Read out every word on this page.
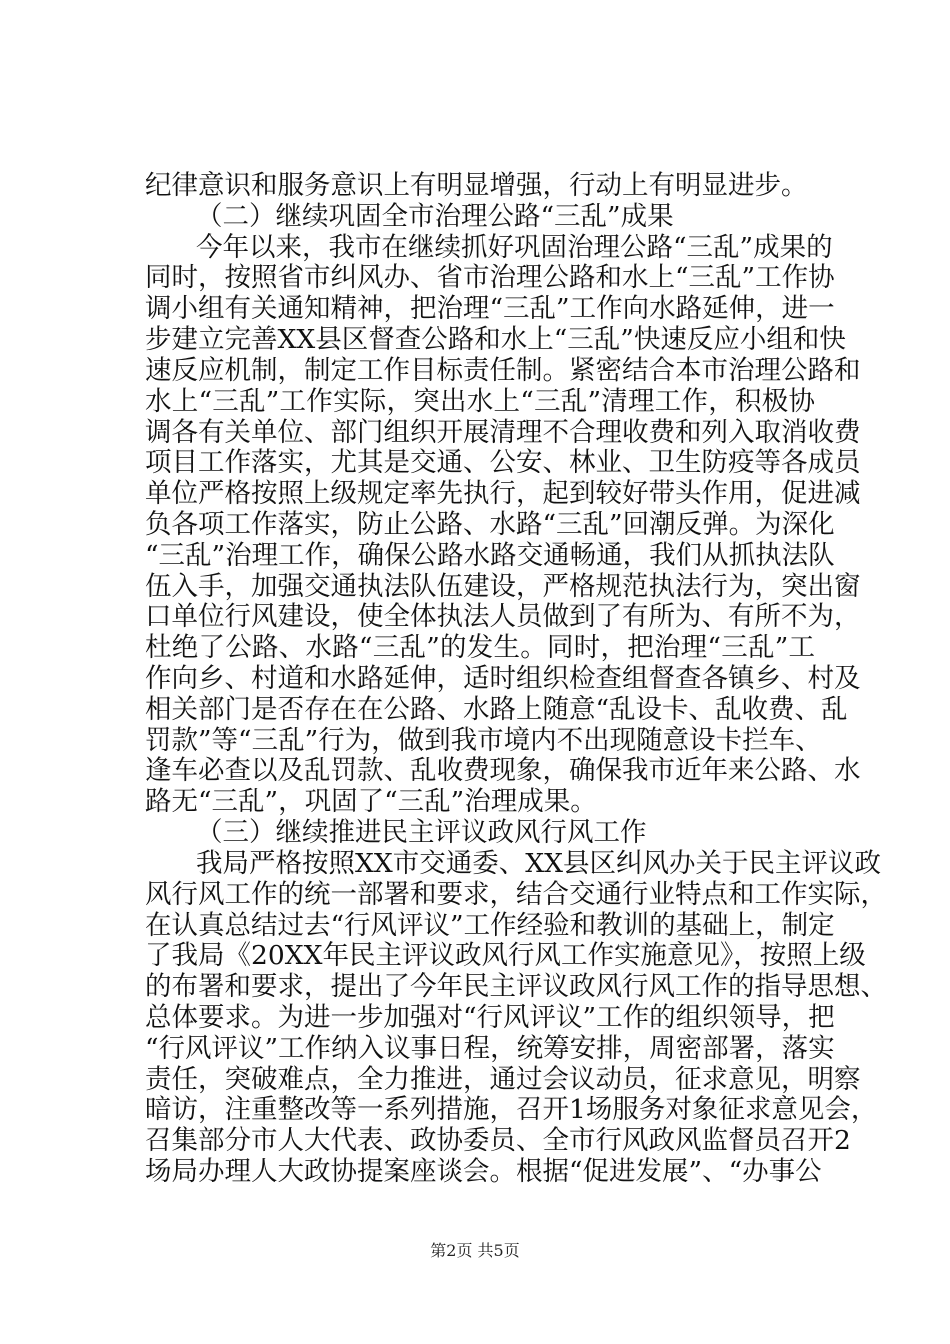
纪律意识和服务意识上有明显增强，行动上有明显进步。
（二）继续巩固全市治理公路“三乱”成果
今年以来，我市在继续抓好巩固治理公路“三乱”成果的
同时，按照省市纠风办、省市治理公路和水上“三乱”工作协
调小组有关通知精神，把治理“三乱”工作向水路延伸，进一
步建立完善XX县区督查公路和水上“三乱”快速反应小组和快
速反应机制，制定工作目标责任制。紧密结合本市治理公路和
水上“三乱”工作实际，突出水上“三乱”清理工作，积极协
调各有关单位、部门组织开展清理不合理收费和列入取消收费
项目工作落实，尤其是交通、公安、林业、卫生防疫等各成员
单位严格按照上级规定率先执行，起到较好带头作用，促进减
负各项工作落实，防止公路、水路“三乱”回潮反弹。为深化
“三乱”治理工作，确保公路水路交通畅通，我们从抓执法队
伍入手，加强交通执法队伍建设，严格规范执法行为，突出窗
口单位行风建设，使全体执法人员做到了有所为、有所不为，
杜绝了公路、水路“三乱”的发生。同时，把治理“三乱”工
作向乡、村道和水路延伸，适时组织检查组督查各镇乡、村及
相关部门是否存在在公路、水路上随意“乱设卡、乱收费、乱
罚款”等“三乱”行为，做到我市境内不出现随意设卡拦车、
逢车必查以及乱罚款、乱收费现象，确保我市近年来公路、水
路无“三乱”，巩固了“三乱”治理成果。
（三）继续推进民主评议政风行风工作
我局严格按照XX市交通委、XX县区纠风办关于民主评议政
风行风工作的统一部署和要求，结合交通行业特点和工作实际，
在认真总结过去“行风评议”工作经验和教训的基础上，制定
了我局《20XX年民主评议政风行风工作实施意见》，按照上级
的布署和要求，提出了今年民主评议政风行风工作的指导思想、
总体要求。为进一步加强对“行风评议”工作的组织领导，把
“行风评议”工作纳入议事日程，统筹安排，周密部署，落实
责任，突破难点，全力推进，通过会议动员，征求意见，明察
暗访，注重整改等一系列措施，召开1场服务对象征求意见会，
召集部分市人大代表、政协委员、全市行风政风监督员召开2
场局办理人大政协提案座谈会。根据“促进发展”、“办事公
第2页 共5页
